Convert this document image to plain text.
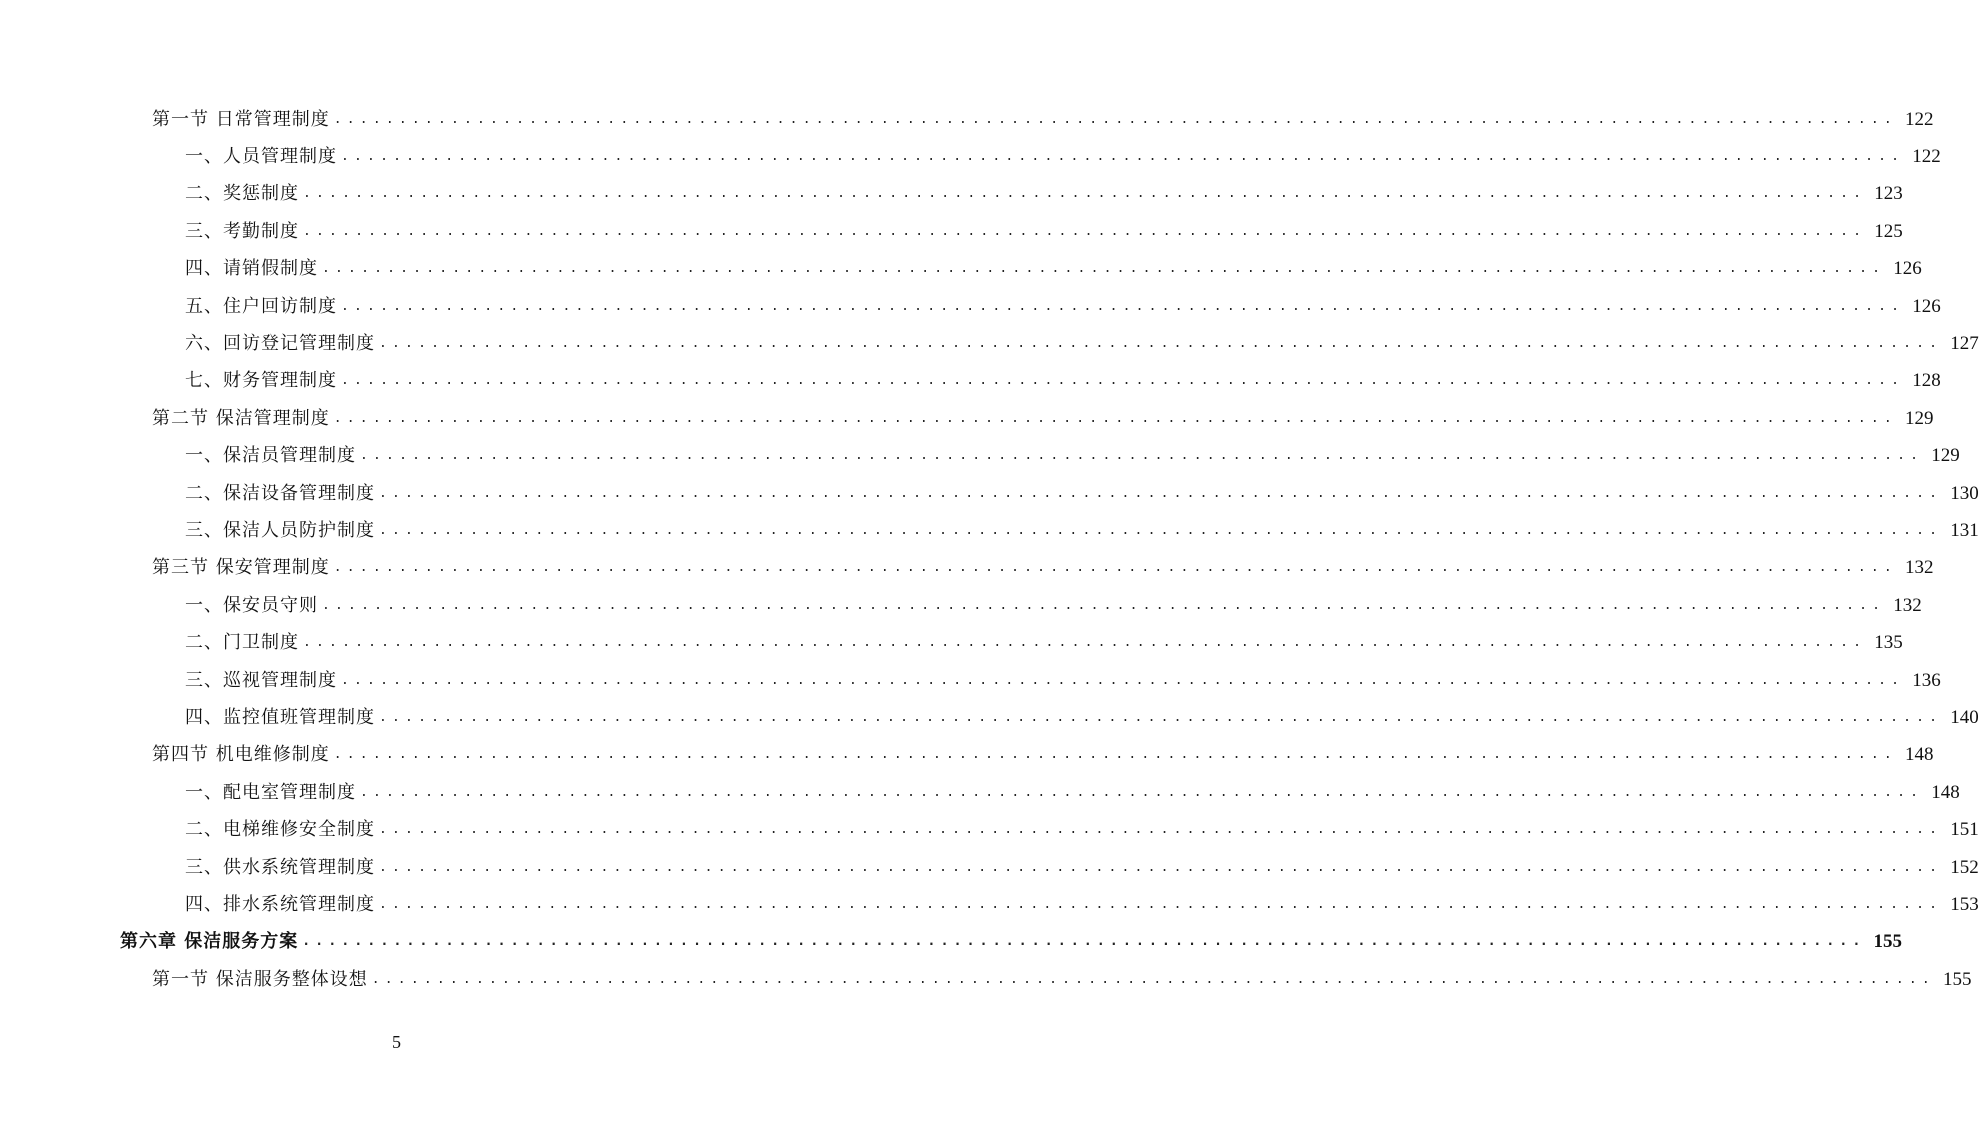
第一节 日常管理制度 ........................................................................................................................ 122
一、人员管理制度 ........................................................................................................................ 122
二、奖惩制度 ........................................................................................................................ 123
三、考勤制度 ........................................................................................................................ 125
四、请销假制度 ........................................................................................................................ 126
五、住户回访制度 ........................................................................................................................ 126
六、回访登记管理制度 ........................................................................................................................ 127
七、财务管理制度 ........................................................................................................................ 128
第二节 保洁管理制度 ........................................................................................................................ 129
一、保洁员管理制度 ........................................................................................................................ 129
二、保洁设备管理制度 ........................................................................................................................ 130
三、保洁人员防护制度 ........................................................................................................................ 131
第三节 保安管理制度 ........................................................................................................................ 132
一、保安员守则 ........................................................................................................................ 132
二、门卫制度 ........................................................................................................................ 135
三、巡视管理制度 ........................................................................................................................ 136
四、监控值班管理制度 ........................................................................................................................ 140
第四节 机电维修制度 ........................................................................................................................ 148
一、配电室管理制度 ........................................................................................................................ 148
二、电梯维修安全制度 ........................................................................................................................ 151
三、供水系统管理制度 ........................................................................................................................ 152
四、排水系统管理制度 ........................................................................................................................ 153
第六章 保洁服务方案 ........................................................................................................................ 155
第一节 保洁服务整体设想 ........................................................................................................................ 155
5
